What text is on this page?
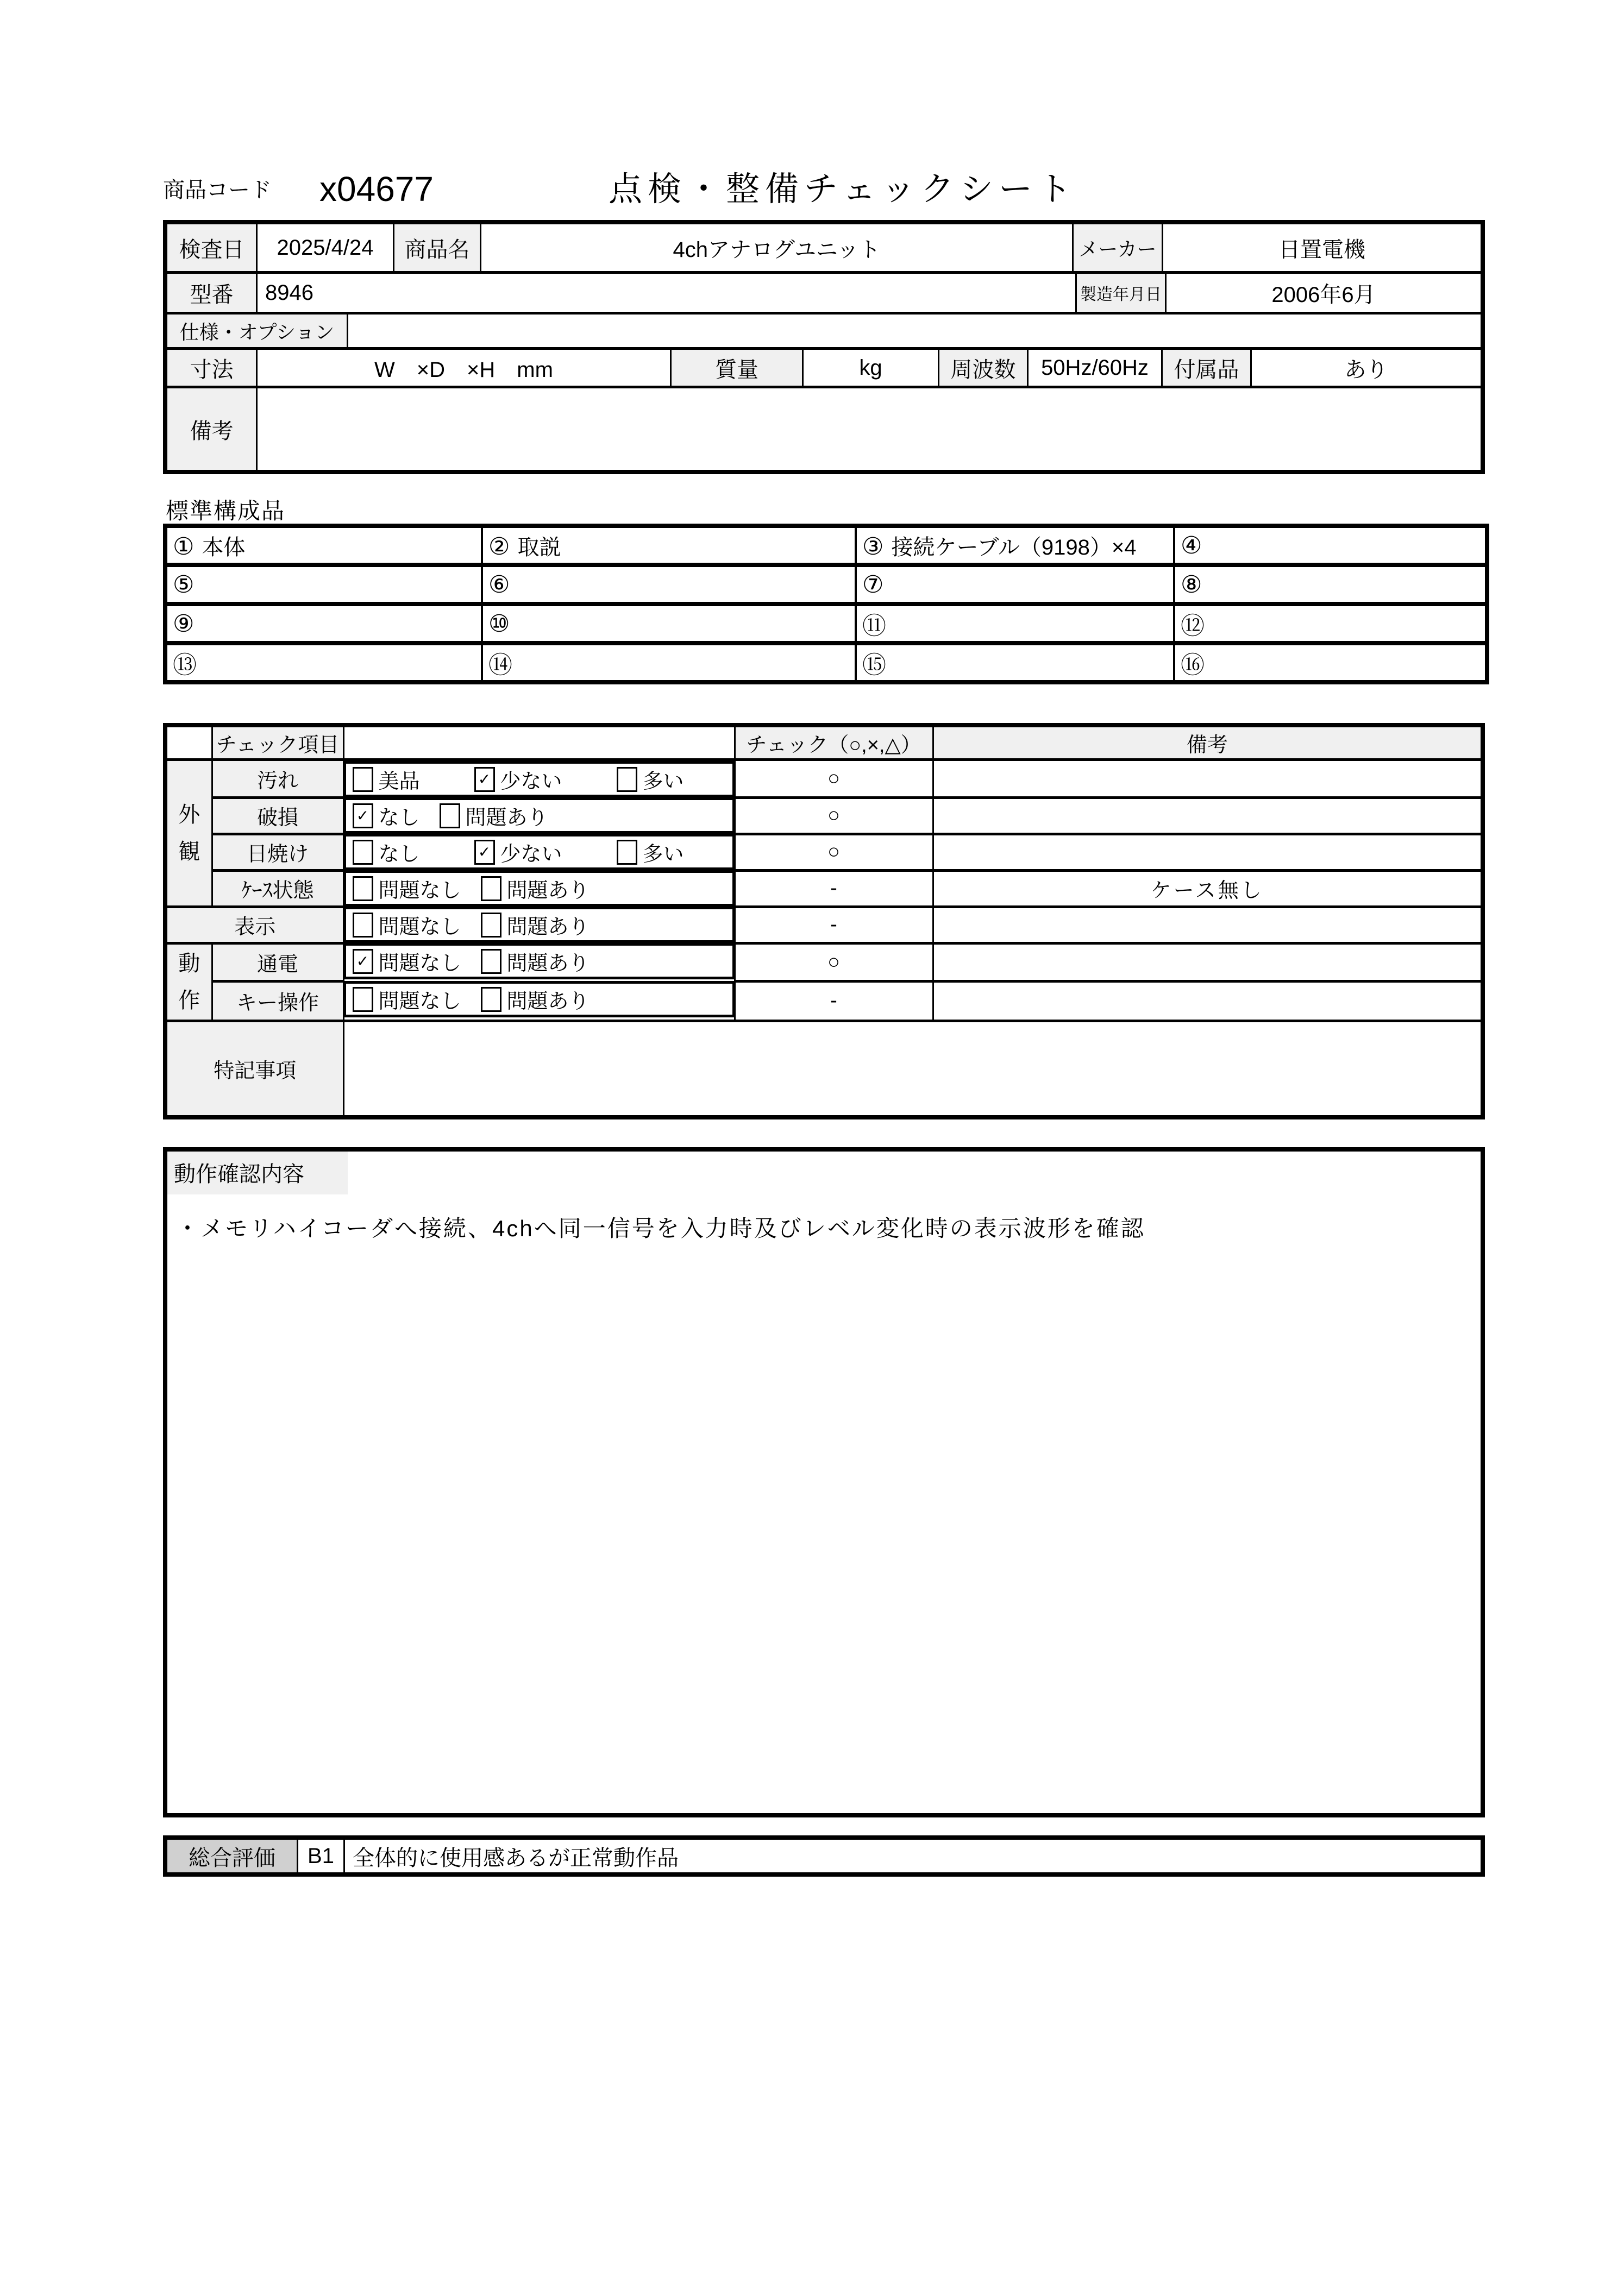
商品コード x04677	点検・整備チェックシート
検査日	2025/4/24	商品名	4chアナログユニット	メーカー	日置電機
型番	8946	製造年月日	2006年6月
仕様・オプション
寸法	W　×D　×H　mm	質量	kg	周波数	50Hz/60Hz	付属品	あり
備考
標準構成品
① 本体	② 取説	③ 接続ケーブル（9198）×4	④
⑤	⑥	⑦	⑧
⑨	⑩	⑪	⑫
⑬	⑭	⑮	⑯
	チェック項目		チェック（○,×,△）	備考

外観	汚れ		美品	✓ 少ない	多い	○	
	破損		✓ なし 問題あり	○	
	日焼け		なし	✓ 少ない	多い	○	
	ｹｰｽ状態		問題なし 問題あり	-	ケース無し
表示		問題なし 問題あり	-	

動作	通電		✓ 問題なし 問題あり	○	
	キー操作		問題なし 問題あり	-	
特記事項				
動作確認内容
・メモリハイコーダへ接続、4chへ同一信号を入力時及びレベル変化時の表示波形を確認
総合評価	B1 全体的に使用感あるが正常動作品
